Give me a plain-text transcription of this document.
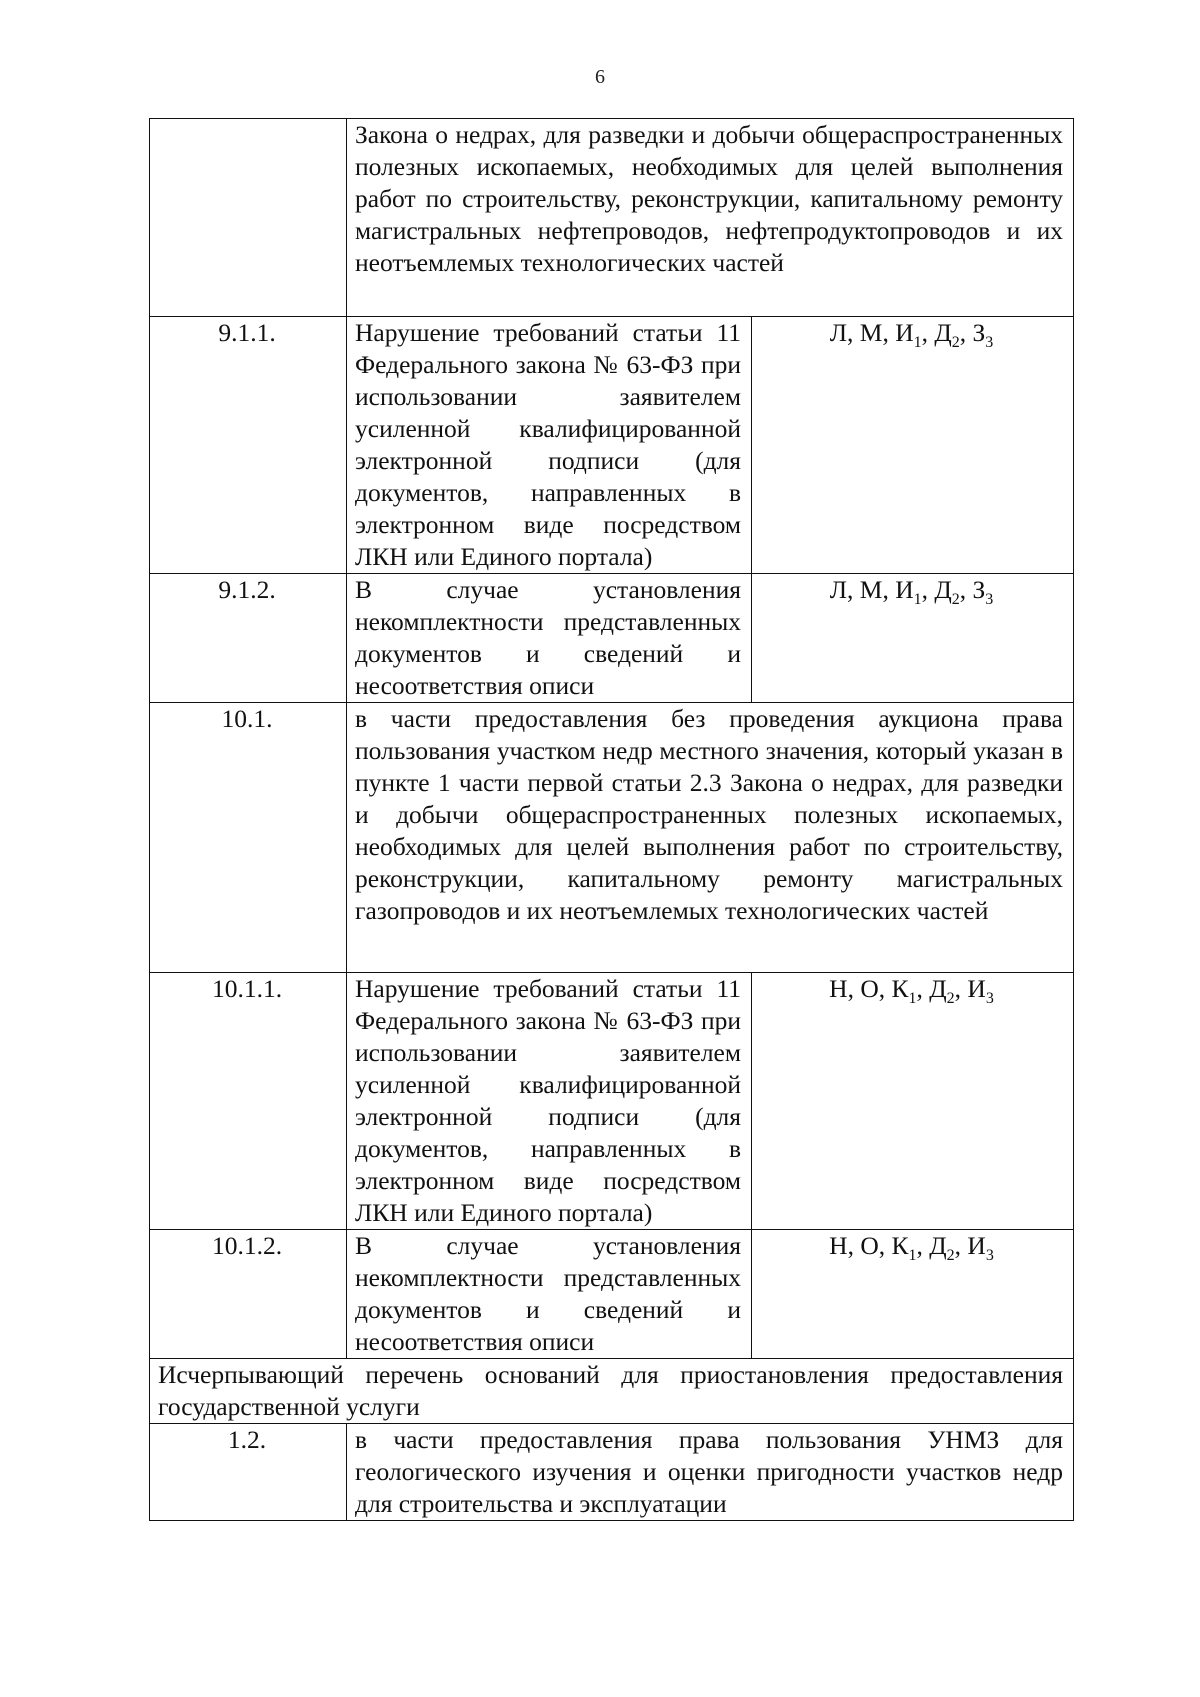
6
	Закона о недрах, для разведки и добычи общераспространенных полезных ископаемых, необходимых для целей выполнения работ по строительству, реконструкции, капитальному ремонту магистральных нефтепроводов, нефтепродуктопроводов и их неотъемлемых технологических частей	
9.1.1.	Нарушение требований статьи 11 Федерального закона № 63-ФЗ при использовании заявителем усиленной квалифицированной электронной подписи (для документов, направленных в электронном виде посредством ЛКН или Единого портала)	Л, М, $И_1$, $Д_2$, $З_3$
9.1.2.	В случае установления некомплектности представленных документов и сведений и несоответствия описи	Л, М, $И_1$, $Д_2$, $З_3$
10.1.	в части предоставления без проведения аукциона права пользования участком недр местного значения, который указан в пункте 1 части первой статьи 2.3 Закона о недрах, для разведки и добычи общераспространенных полезных ископаемых, необходимых для целей выполнения работ по строительству, реконструкции, капитальному ремонту магистральных газопроводов и их неотъемлемых технологических частей	
10.1.1.	Нарушение требований статьи 11 Федерального закона № 63-ФЗ при использовании заявителем усиленной квалифицированной электронной подписи (для документов, направленных в электронном виде посредством ЛКН или Единого портала)	Н, О, $К_1$, $Д_2$, $И_3$
10.1.2.	В случае установления некомплектности представленных документов и сведений и несоответствия описи	Н, О, $К_1$, $Д_2$, $И_3$
Исчерпывающий перечень оснований для приостановления предоставления государственной услуги		
1.2.	в части предоставления права пользования УНМЗ для геологического изучения и оценки пригодности участков недр для строительства и эксплуатации	
